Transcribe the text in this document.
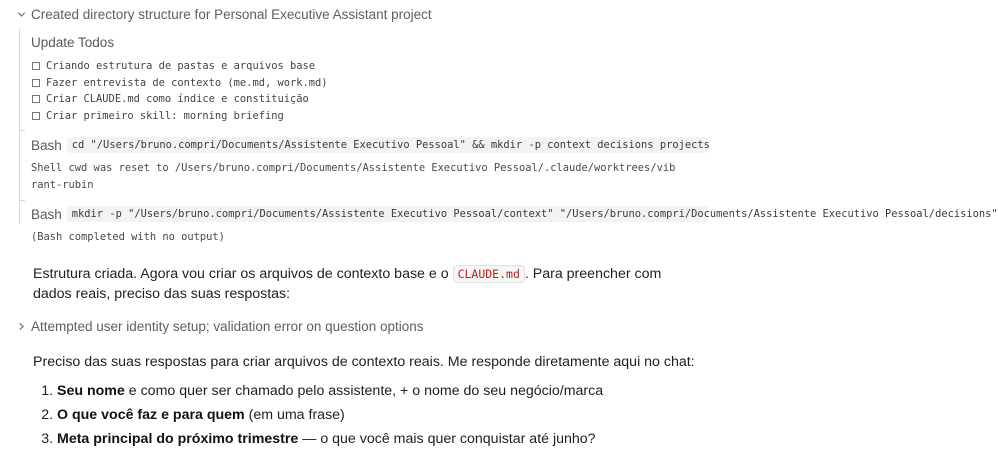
Created directory structure for Personal Executive Assistant project
Update Todos
Criando estrutura de pastas e arquivos base
Fazer entrevista de contexto (me.md, work.md)
Criar CLAUDE.md como índice e constituição
Criar primeiro skill: morning briefing
Bash cd "/Users/bruno.compri/Documents/Assistente Executivo Pessoal" && mkdir -p context decisions projects
Shell cwd was reset to /Users/bruno.compri/Documents/Assistente Executivo Pessoal/.claude/worktrees/vib
rant-rubin
Bash mkdir -p "/Users/bruno.compri/Documents/Assistente Executivo Pessoal/context" "/Users/bruno.compri/Documents/Assistente Executivo Pessoal/decisions"
(Bash completed with no output)
Estrutura criada. Agora vou criar os arquivos de contexto base e o CLAUDE.md . Para preencher com
dados reais, preciso das suas respostas:
Attempted user identity setup; validation error on question options
Preciso das suas respostas para criar arquivos de contexto reais. Me responde diretamente aqui no chat:
1. Seu nome e como quer ser chamado pelo assistente, + o nome do seu negócio/marca
2. O que você faz e para quem (em uma frase)
3. Meta principal do próximo trimestre — o que você mais quer conquistar até junho?
